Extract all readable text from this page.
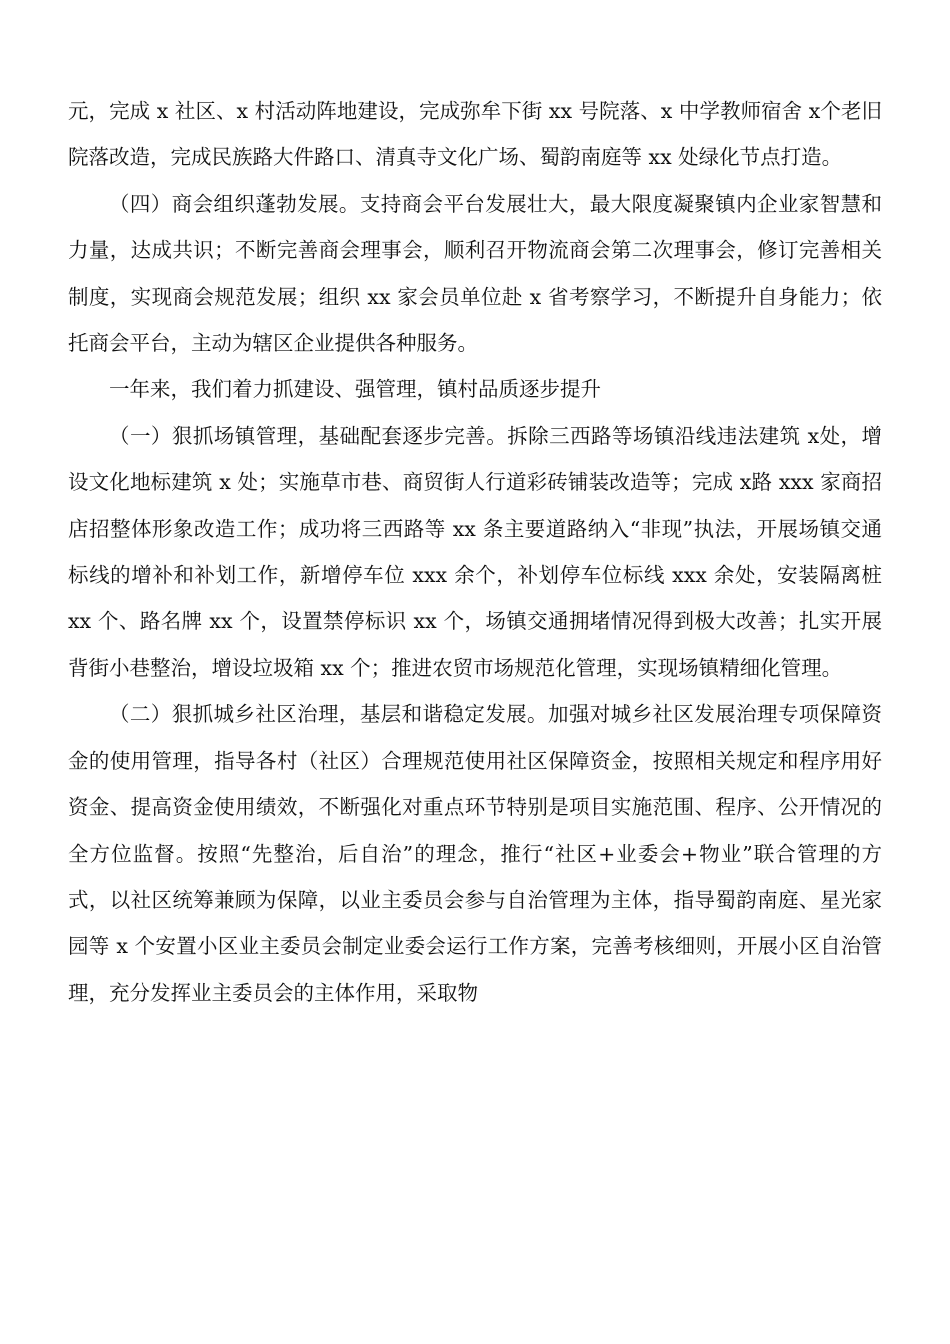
元，完成 x 社区、x 村活动阵地建设，完成弥牟下街 xx 号院落、x 中学教师宿舍 x个老旧院落改造，完成民族路大件路口、清真寺文化广场、蜀韵南庭等 xx 处绿化节点打造。

（四）商会组织蓬勃发展。支持商会平台发展壮大，最大限度凝聚镇内企业家智慧和力量，达成共识；不断完善商会理事会，顺利召开物流商会第二次理事会，修订完善相关制度，实现商会规范发展；组织 xx 家会员单位赴 x 省考察学习，不断提升自身能力；依托商会平台，主动为辖区企业提供各种服务。

一年来，我们着力抓建设、强管理，镇村品质逐步提升

（一）狠抓场镇管理，基础配套逐步完善。拆除三西路等场镇沿线违法建筑 x处，增设文化地标建筑 x 处；实施草市巷、商贸街人行道彩砖铺装改造等；完成 x路 xxx 家商招店招整体形象改造工作；成功将三西路等 xx 条主要道路纳入“非现”执法，开展场镇交通标线的增补和补划工作，新增停车位 xxx 余个，补划停车位标线 xxx 余处，安装隔离桩 xx 个、路名牌 xx 个，设置禁停标识 xx 个，场镇交通拥堵情况得到极大改善；扎实开展背街小巷整治，增设垃圾箱 xx 个；推进农贸市场规范化管理，实现场镇精细化管理。

（二）狠抓城乡社区治理，基层和谐稳定发展。加强对城乡社区发展治理专项保障资金的使用管理，指导各村（社区）合理规范使用社区保障资金，按照相关规定和程序用好资金、提高资金使用绩效，不断强化对重点环节特别是项目实施范围、程序、公开情况的全方位监督。按照“先整治，后自治”的理念，推行“社区+业委会+物业”联合管理的方式，以社区统筹兼顾为保障，以业主委员会参与自治管理为主体，指导蜀韵南庭、星光家园等 x 个安置小区业主委员会制定业委会运行工作方案，完善考核细则，开展小区自治管理，充分发挥业主委员会的主体作用，采取物
